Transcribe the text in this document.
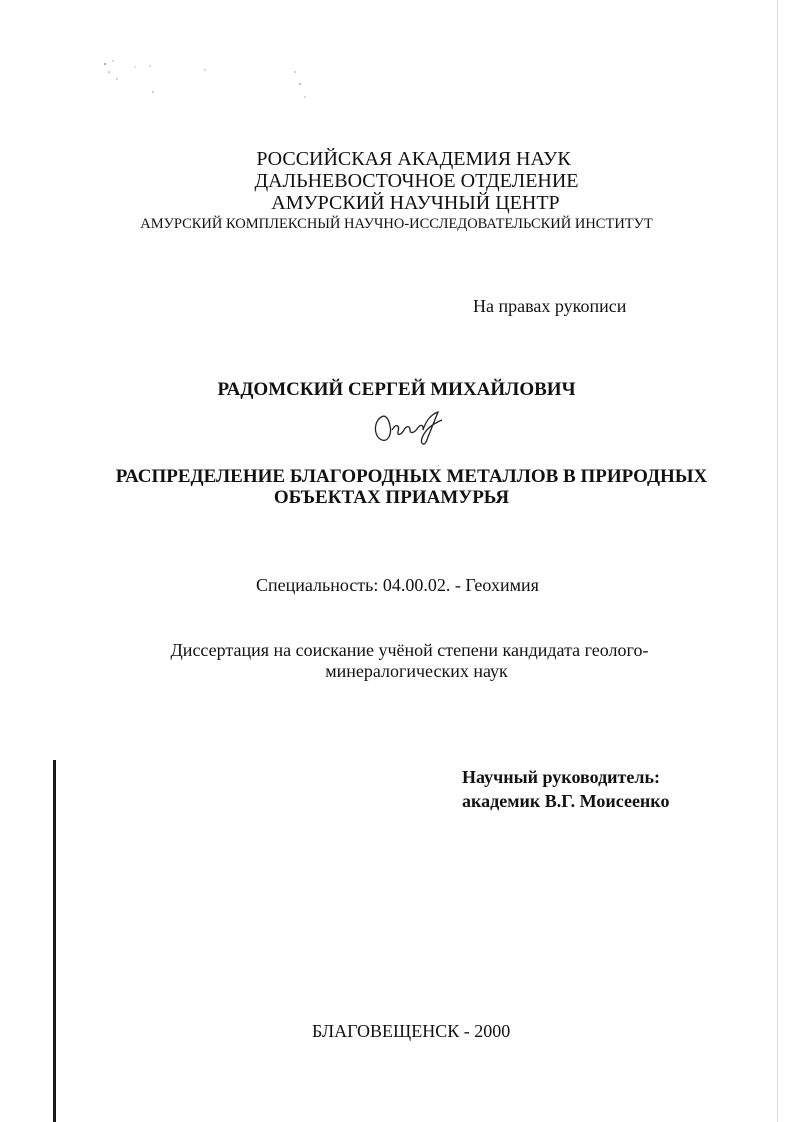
РОССИЙСКАЯ АКАДЕМИЯ НАУК

ДАЛЬНЕВОСТОЧНОЕ ОТДЕЛЕНИЕ

АМУРСКИЙ НАУЧНЫЙ ЦЕНТР

АМУРСКИЙ КОМПЛЕКСНЫЙ НАУЧНО-ИССЛЕДОВАТЕЛЬСКИЙ ИНСТИТУТ

На правах рукописи
РАДОМСКИЙ СЕРГЕЙ МИХАЙЛОВИЧ

РАСПРЕДЕЛЕНИЕ БЛАГОРОДНЫХ МЕТАЛЛОВ В ПРИРОДНЫХ

ОБЪЕКТАХ ПРИАМУРЬЯ

Специальность: 04.00.02. - Геохимия
Диссертация на соискание учёной степени кандидата геолого-
минералогических наук
Научный руководитель:
академик В.Г. Моисеенко
БЛАГОВЕЩЕНСК - 2000
